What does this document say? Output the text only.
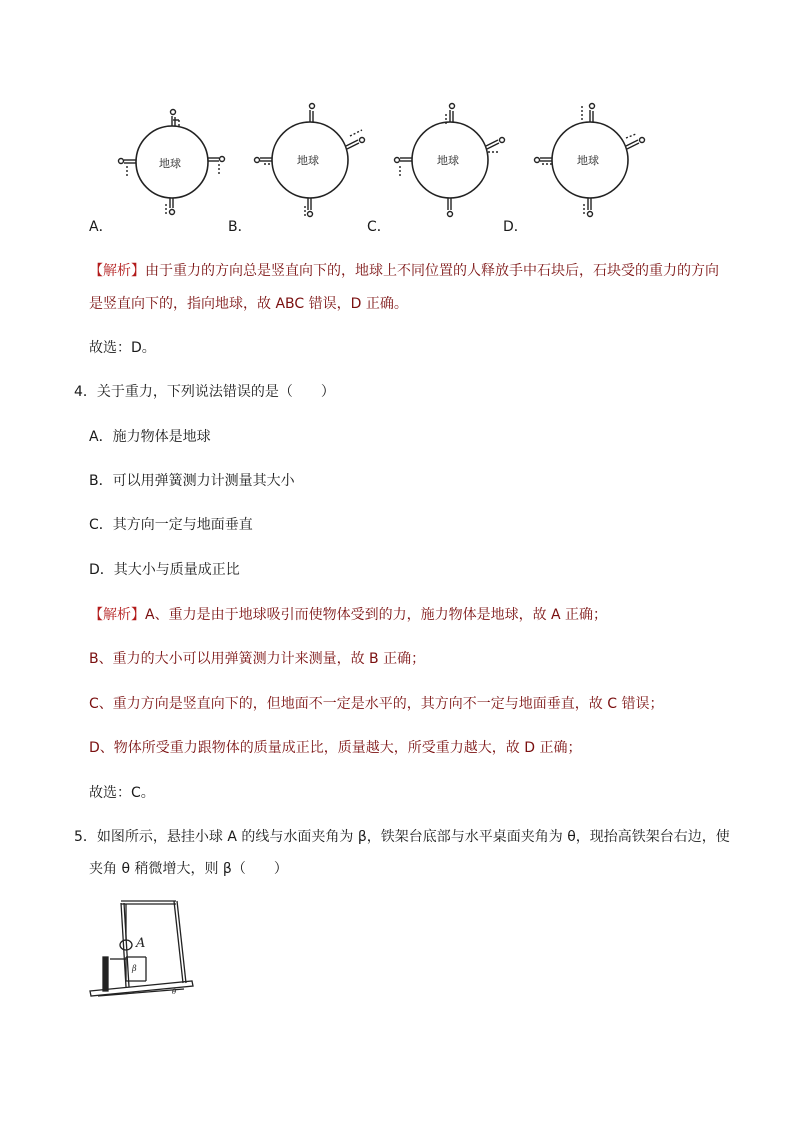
地球	地球	地球	地球
A．	B．	C．	D．
【解析】由于重力的方向总是竖直向下的，地球上不同位置的人释放手中石块后，石块受的重力的方向
是竖直向下的，指向地球，故 ABC 错误，D 正确。
故选：D。
4．关于重力，下列说法错误的是（　　）
A．施力物体是地球
B．可以用弹簧测力计测量其大小
C．其方向一定与地面垂直
D．其大小与质量成正比
【解析】A、重力是由于地球吸引而使物体受到的力，施力物体是地球，故 A 正确；
B、重力的大小可以用弹簧测力计来测量，故 B 正确；
C、重力方向是竖直向下的，但地面不一定是水平的，其方向不一定与地面垂直，故 C 错误；
D、物体所受重力跟物体的质量成正比，质量越大，所受重力越大，故 D 正确；
故选：C。
5．如图所示，悬挂小球 A 的线与水面夹角为 β，铁架台底部与水平桌面夹角为 θ，现抬高铁架台右边，使
夹角 θ 稍微增大，则 β（　　）
A
β
θ
